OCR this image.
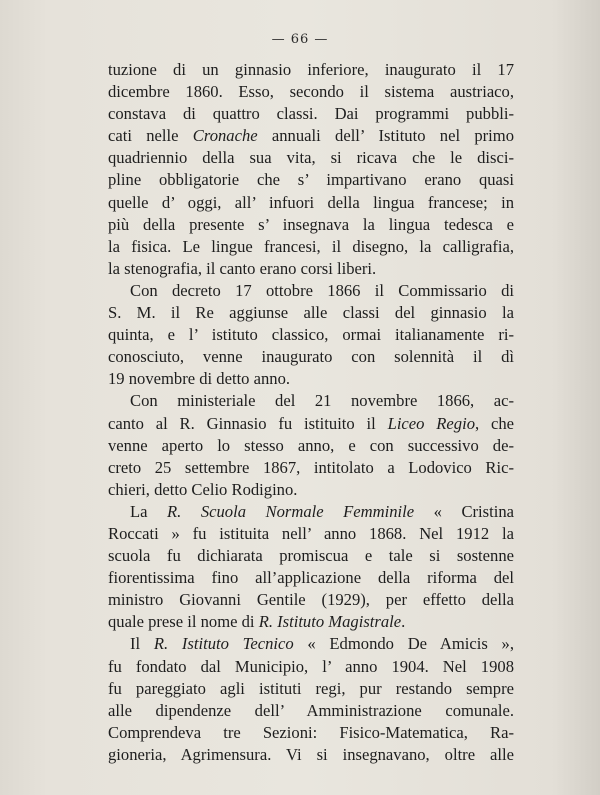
— 66 —
tuzione di un ginnasio inferiore, inaugurato il 17
dicembre 1860. Esso, secondo il sistema austriaco,
constava di quattro classi. Dai programmi pubbli-
cati nelle Cronache annuali dell’ Istituto nel primo
quadriennio della sua vita, si ricava che le disci-
pline obbligatorie che s’ impartivano erano quasi
quelle d’ oggi, all’ infuori della lingua francese; in
più della presente s’ insegnava la lingua tedesca e
la fisica. Le lingue francesi, il disegno, la calligrafia,
la stenografia, il canto erano corsi liberi.
Con decreto 17 ottobre 1866 il Commissario di
S. M. il Re aggiunse alle classi del ginnasio la
quinta, e l’ istituto classico, ormai italianamente ri-
conosciuto, venne inaugurato con solennità il dì
19 novembre di detto anno.
Con ministeriale del 21 novembre 1866, ac-
canto al R. Ginnasio fu istituito il Liceo Regio, che
venne aperto lo stesso anno, e con successivo de-
creto 25 settembre 1867, intitolato a Lodovico Ric-
chieri, detto Celio Rodigino.
La R. Scuola Normale Femminile « Cristina
Roccati » fu istituita nell’ anno 1868. Nel 1912 la
scuola fu dichiarata promiscua e tale si sostenne
fiorentissima fino all’applicazione della riforma del
ministro Giovanni Gentile (1929), per effetto della
quale prese il nome di R. Istituto Magistrale.
Il R. Istituto Tecnico « Edmondo De Amicis »,
fu fondato dal Municipio, l’ anno 1904. Nel 1908
fu pareggiato agli istituti regi, pur restando sempre
alle dipendenze dell’ Amministrazione comunale.
Comprendeva tre Sezioni: Fisico-Matematica, Ra-
gioneria, Agrimensura. Vi si insegnavano, oltre alle
